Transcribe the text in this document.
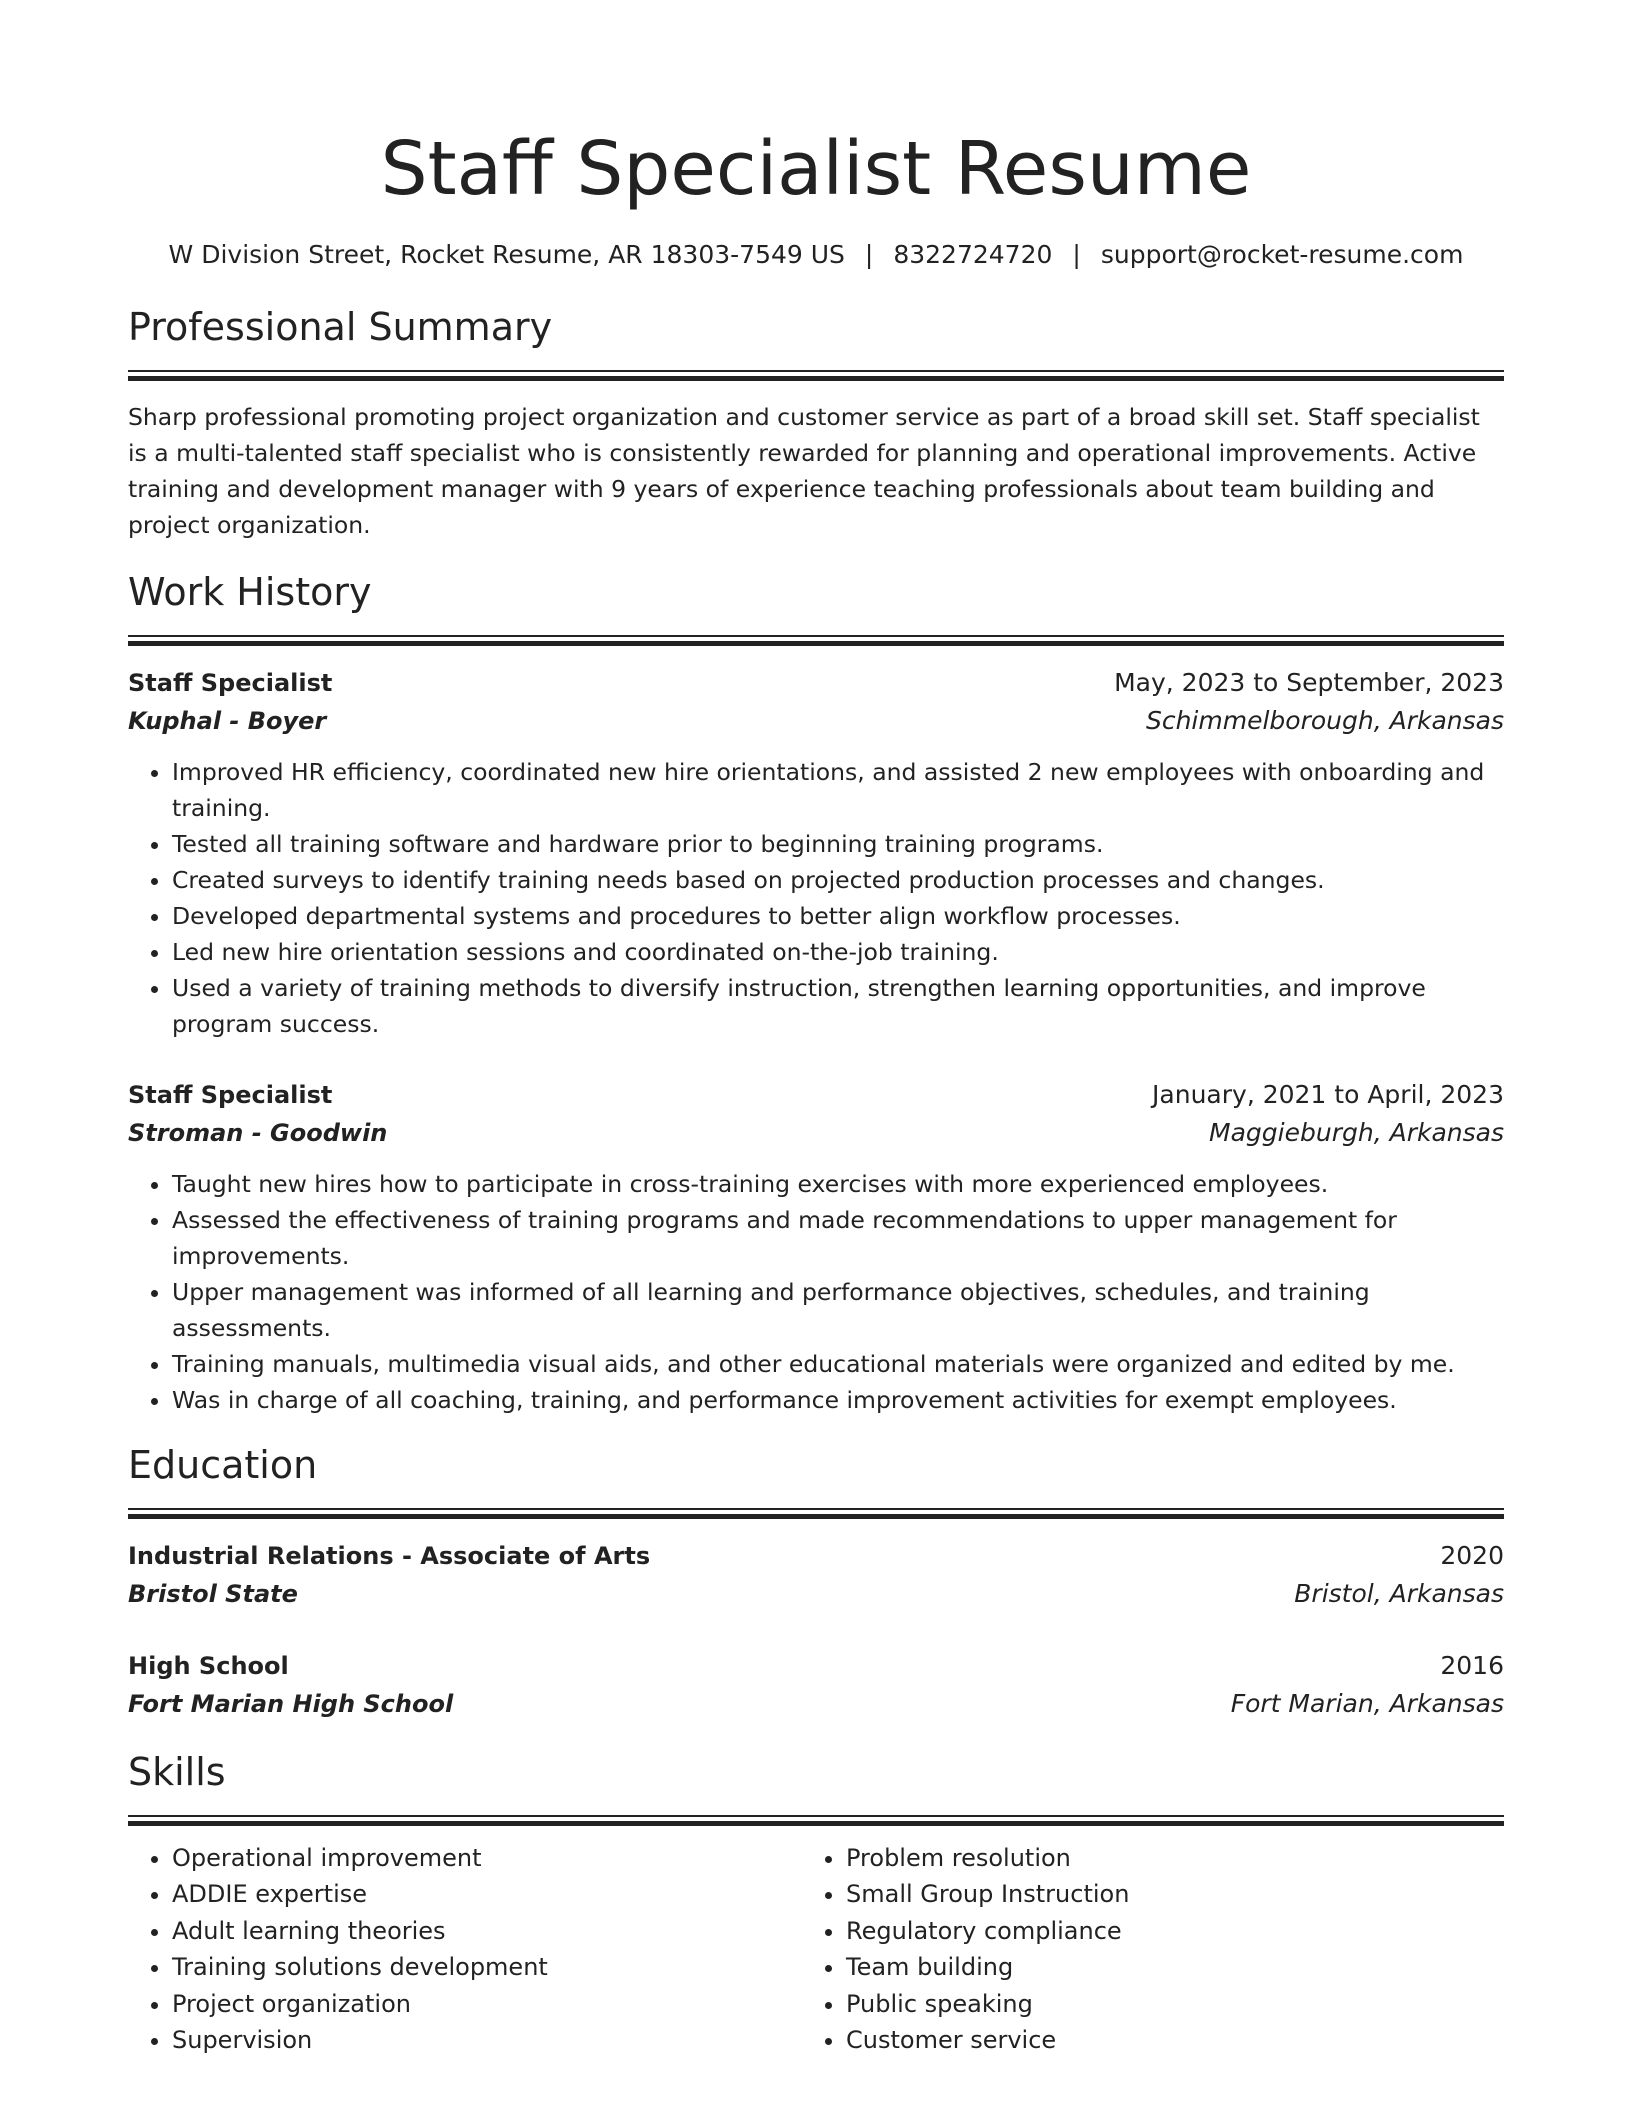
Staff Specialist Resume
W Division Street, Rocket Resume, AR 18303-7549 US | 8322724720 | support@rocket-resume.com
Professional Summary

Sharp professional promoting project organization and customer service as part of a broad skill set. Staff specialist is a multi-talented staff specialist who is consistently rewarded for planning and operational improvements. Active training and development manager with 9 years of experience teaching professionals about team building and project organization.

Work History
Staff Specialist	May, 2023 to September, 2023
Kuphal - Boyer	Schimmelborough, Arkansas
• Improved HR efficiency, coordinated new hire orientations, and assisted 2 new employees with onboarding and training.
• Tested all training software and hardware prior to beginning training programs.
• Created surveys to identify training needs based on projected production processes and changes.
• Developed departmental systems and procedures to better align workflow processes.
• Led new hire orientation sessions and coordinated on-the-job training.
• Used a variety of training methods to diversify instruction, strengthen learning opportunities, and improve program success.
Staff Specialist	January, 2021 to April, 2023
Stroman - Goodwin	Maggieburgh, Arkansas
• Taught new hires how to participate in cross-training exercises with more experienced employees.
• Assessed the effectiveness of training programs and made recommendations to upper management for improvements.
• Upper management was informed of all learning and performance objectives, schedules, and training assessments.
• Training manuals, multimedia visual aids, and other educational materials were organized and edited by me.
• Was in charge of all coaching, training, and performance improvement activities for exempt employees.
Education
Industrial Relations - Associate of Arts	2020
Bristol State	Bristol, Arkansas
High School	2016
Fort Marian High School	Fort Marian, Arkansas
Skills
• Operational improvement
• ADDIE expertise
• Adult learning theories
• Training solutions development
• Project organization
• Supervision
• Problem resolution
• Small Group Instruction
• Regulatory compliance
• Team building
• Public speaking
• Customer service
